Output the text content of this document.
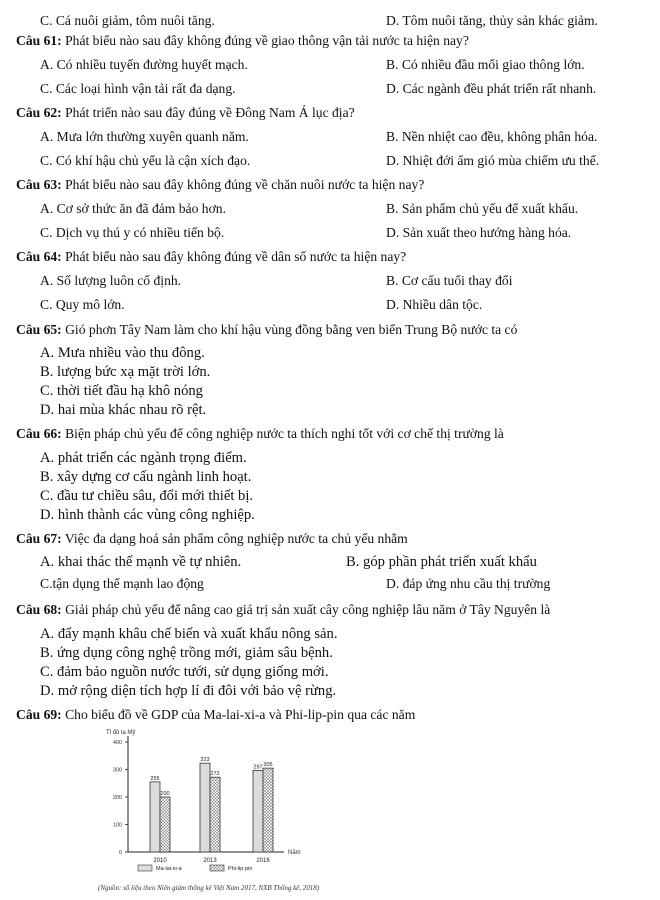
C. Cá nuôi giảm, tôm nuôi tăng.	D. Tôm nuôi tăng, thủy sản khác giảm.
Câu 61: Phát biểu nào sau đây không đúng về giao thông vận tải nước ta hiện nay?
A. Có nhiều tuyến đường huyết mạch.	B. Có nhiều đầu mối giao thông lớn.
C. Các loại hình vận tải rất đa dạng.	D. Các ngành đều phát triển rất nhanh.
Câu 62: Phát triển nào sau đây đúng về Đông Nam Á lục địa?
A. Mưa lớn thường xuyên quanh năm.	B. Nền nhiệt cao đều, không phân hóa.
C. Có khí hậu chủ yếu là cận xích đạo.	D. Nhiệt đới ẩm gió mùa chiếm ưu thế.
Câu 63: Phát biểu nào sau đây không đúng về chăn nuôi nước ta hiện nay?
A. Cơ sở thức ăn đã đảm bảo hơn.	B. Sản phẩm chủ yếu để xuất khẩu.
C. Dịch vụ thú y có nhiều tiến bộ.	D. Sản xuất theo hướng hàng hóa.
Câu 64: Phát biểu nào sau đây không đúng về dân số nước ta hiện nay?
A. Số lượng luôn cố định.	B. Cơ cấu tuổi thay đổi
C. Quy mô lớn.	D. Nhiều dân tộc.
Câu 65: Gió phơn Tây Nam làm cho khí hậu vùng đồng bằng ven biển Trung Bộ nước ta có
A. Mưa nhiều vào thu đông.
B. lượng bức xạ mặt trời lớn.
C. thời tiết đầu hạ khô nóng
D. hai mùa khác nhau rõ rệt.
Câu 66: Biện pháp chủ yếu để công nghiệp nước ta thích nghi tốt với cơ chế thị trường là
A. phát triển các ngành trọng điểm.
B. xây dựng cơ cấu ngành linh hoạt.
C. đầu tư chiều sâu, đổi mới thiết bị.
D. hình thành các vùng công nghiệp.
Câu 67: Việc đa dạng hoá sản phẩm công nghiệp nước ta chủ yếu nhằm
A. khai thác thế mạnh về tự nhiên.	B. góp phần phát triển xuất khẩu
C.tận dụng thế mạnh lao động	D. đáp ứng nhu cầu thị trường
Câu 68: Giải pháp chủ yếu để nâng cao giá trị sản xuất cây công nghiệp lâu năm ở Tây Nguyên là
A. đẩy mạnh khâu chế biến và xuất khẩu nông sản.
B. ứng dụng công nghệ trồng mới, giảm sâu bệnh.
C. đảm bảo nguồn nước tưới, sử dụng giống mới.
D. mở rộng diện tích hợp lí đi đôi với bảo vệ rừng.
Câu 69: Cho biểu đồ về GDP của Ma-lai-xi-a và Phi-lip-pin qua các năm
Tỉ đô la Mỹ
Năm
0
100
200
300
400
255
200
2010
323
272
2013
297 305
2016
Ma-lai-xi-a	Phi-lip-pin
(Nguồn: số liệu theo Niên giám thống kê Việt Nam 2017, NXB Thống kê, 2018)
